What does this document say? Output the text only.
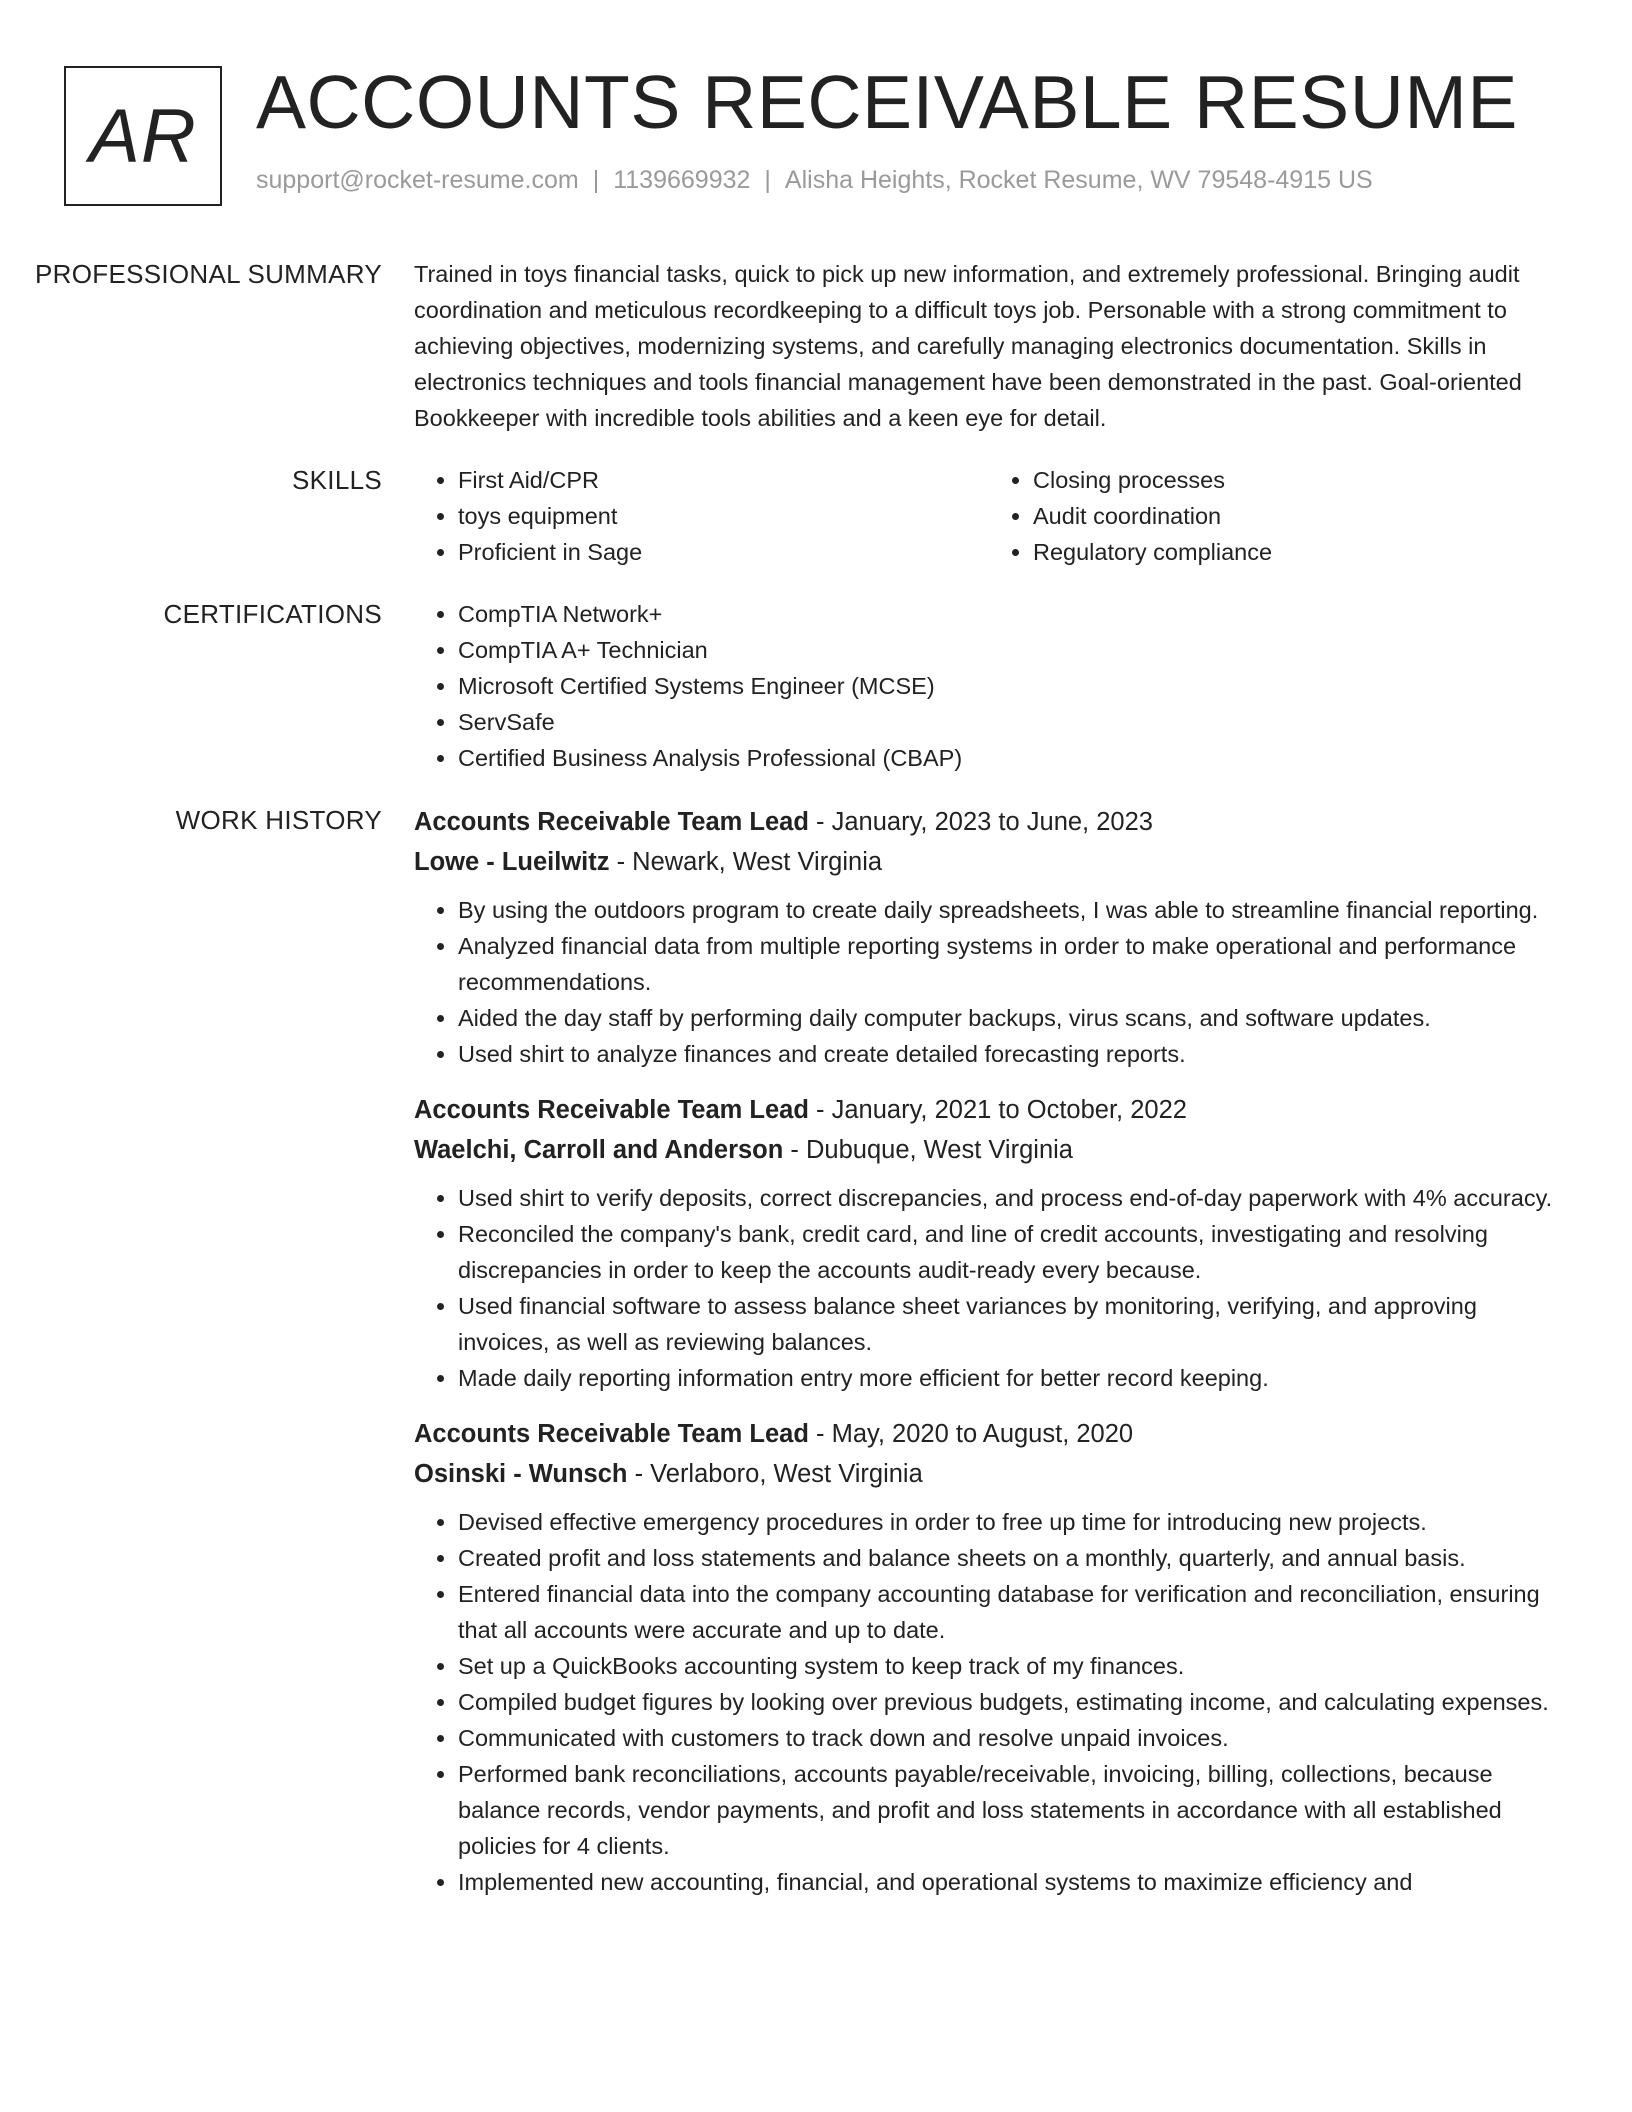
AR ACCOUNTS RECEIVABLE RESUME
support@rocket-resume.com | 1139669932 | Alisha Heights, Rocket Resume, WV 79548-4915 US
PROFESSIONAL SUMMARY	Trained in toys financial tasks, quick to pick up new information, and extremely professional. Bringing audit coordination and meticulous recordkeeping to a difficult toys job. Personable with a strong commitment to achieving objectives, modernizing systems, and carefully managing electronics documentation. Skills in electronics techniques and tools financial management have been demonstrated in the past. Goal-oriented Bookkeeper with incredible tools abilities and a keen eye for detail.

SKILLS	• First Aid/CPR
• toys equipment
• Proficient in Sage
• Closing processes
• Audit coordination
• Regulatory compliance
CERTIFICATIONS	• CompTIA Network+
• CompTIA A+ Technician
• Microsoft Certified Systems Engineer (MCSE)
• ServSafe
• Certified Business Analysis Professional (CBAP)
WORK HISTORY	Accounts Receivable Team Lead - January, 2023 to June, 2023
Lowe - Lueilwitz - Newark, West Virginia
• By using the outdoors program to create daily spreadsheets, I was able to streamline financial reporting.
• Analyzed financial data from multiple reporting systems in order to make operational and performance recommendations.
• Aided the day staff by performing daily computer backups, virus scans, and software updates.
• Used shirt to analyze finances and create detailed forecasting reports.
Accounts Receivable Team Lead - January, 2021 to October, 2022
Waelchi, Carroll and Anderson - Dubuque, West Virginia
• Used shirt to verify deposits, correct discrepancies, and process end-of-day paperwork with 4% accuracy.
• Reconciled the company's bank, credit card, and line of credit accounts, investigating and resolving discrepancies in order to keep the accounts audit-ready every because.
• Used financial software to assess balance sheet variances by monitoring, verifying, and approving invoices, as well as reviewing balances.
• Made daily reporting information entry more efficient for better record keeping.
Accounts Receivable Team Lead - May, 2020 to August, 2020
Osinski - Wunsch - Verlaboro, West Virginia
• Devised effective emergency procedures in order to free up time for introducing new projects.
• Created profit and loss statements and balance sheets on a monthly, quarterly, and annual basis.
• Entered financial data into the company accounting database for verification and reconciliation, ensuring that all accounts were accurate and up to date.
• Set up a QuickBooks accounting system to keep track of my finances.
• Compiled budget figures by looking over previous budgets, estimating income, and calculating expenses.
• Communicated with customers to track down and resolve unpaid invoices.
• Performed bank reconciliations, accounts payable/receivable, invoicing, billing, collections, because balance records, vendor payments, and profit and loss statements in accordance with all established policies for 4 clients.
• Implemented new accounting, financial, and operational systems to maximize efficiency and
